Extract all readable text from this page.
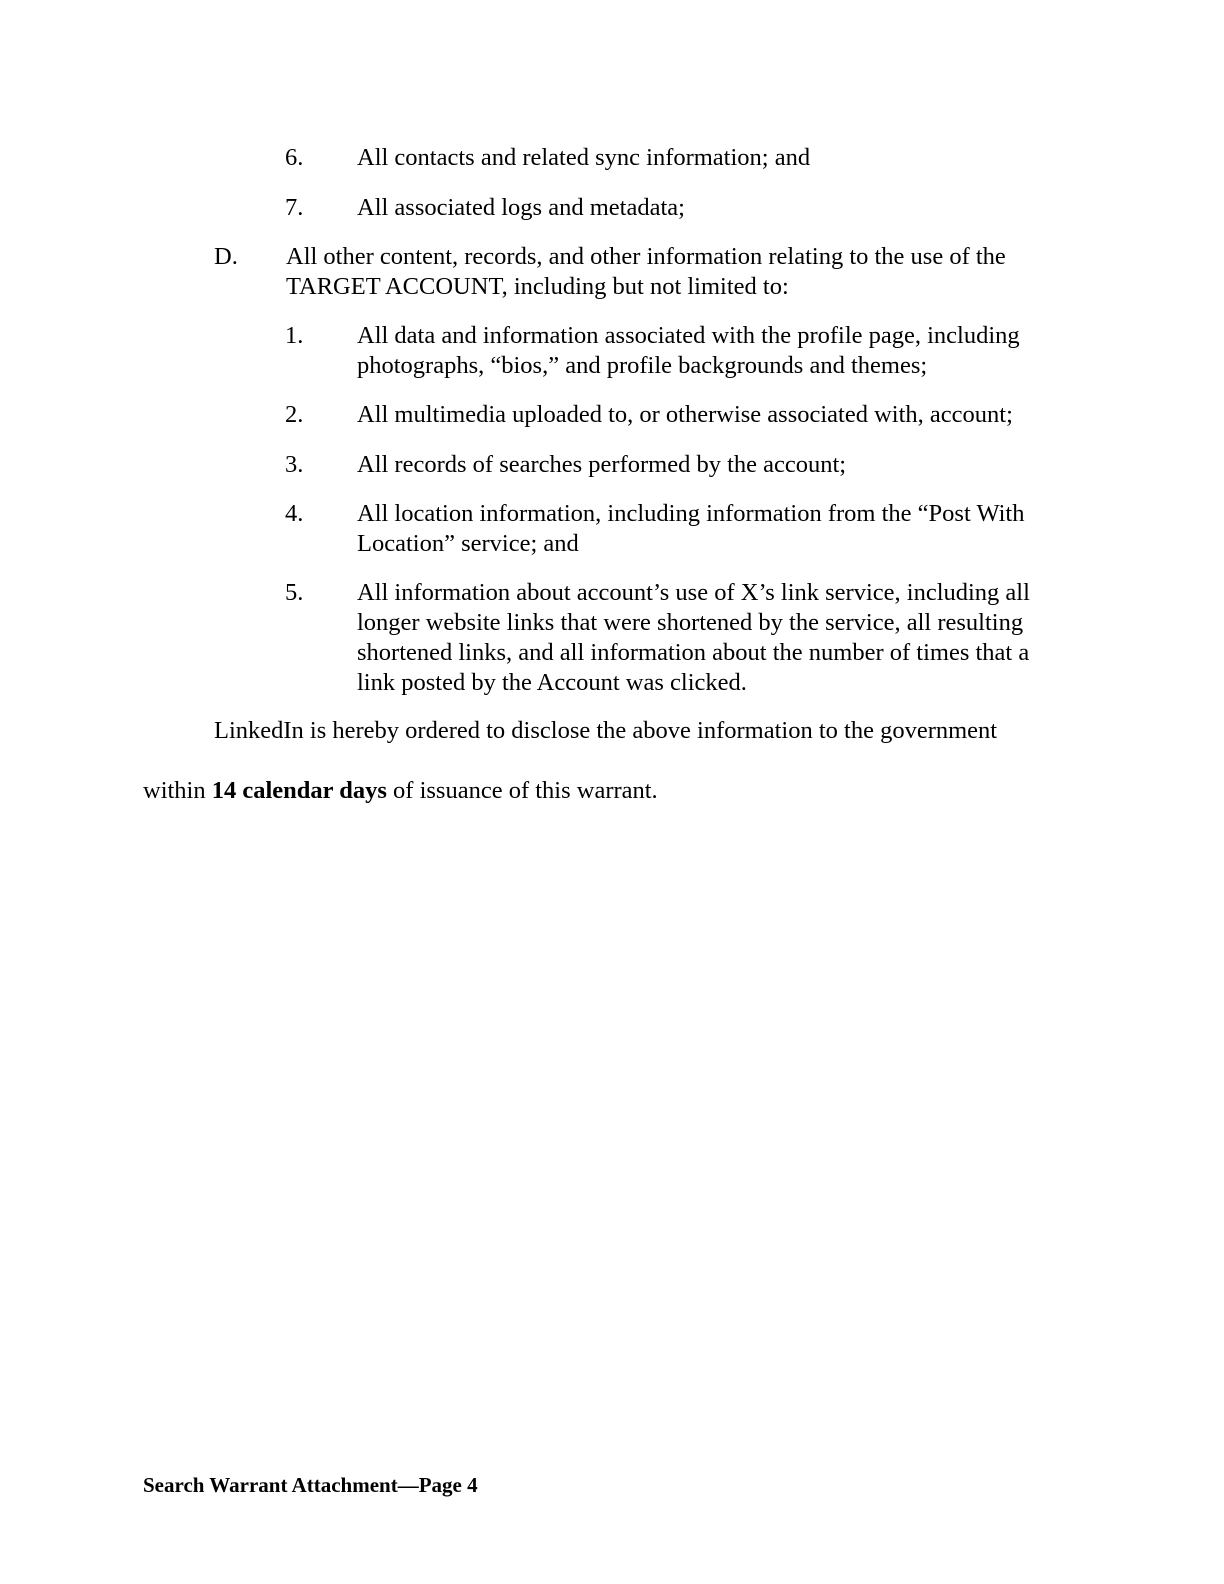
6. All contacts and related sync information; and
7. All associated logs and metadata;
D. All other content, records, and other information relating to the use of the TARGET ACCOUNT, including but not limited to:
1. All data and information associated with the profile page, including photographs, “bios,” and profile backgrounds and themes;
2. All multimedia uploaded to, or otherwise associated with, account;
3. All records of searches performed by the account;
4. All location information, including information from the “Post With Location” service; and
5. All information about account’s use of X’s link service, including all longer website links that were shortened by the service, all resulting shortened links, and all information about the number of times that a link posted by the Account was clicked.
LinkedIn is hereby ordered to disclose the above information to the government
within 14 calendar days of issuance of this warrant.
Search Warrant Attachment—Page 4
